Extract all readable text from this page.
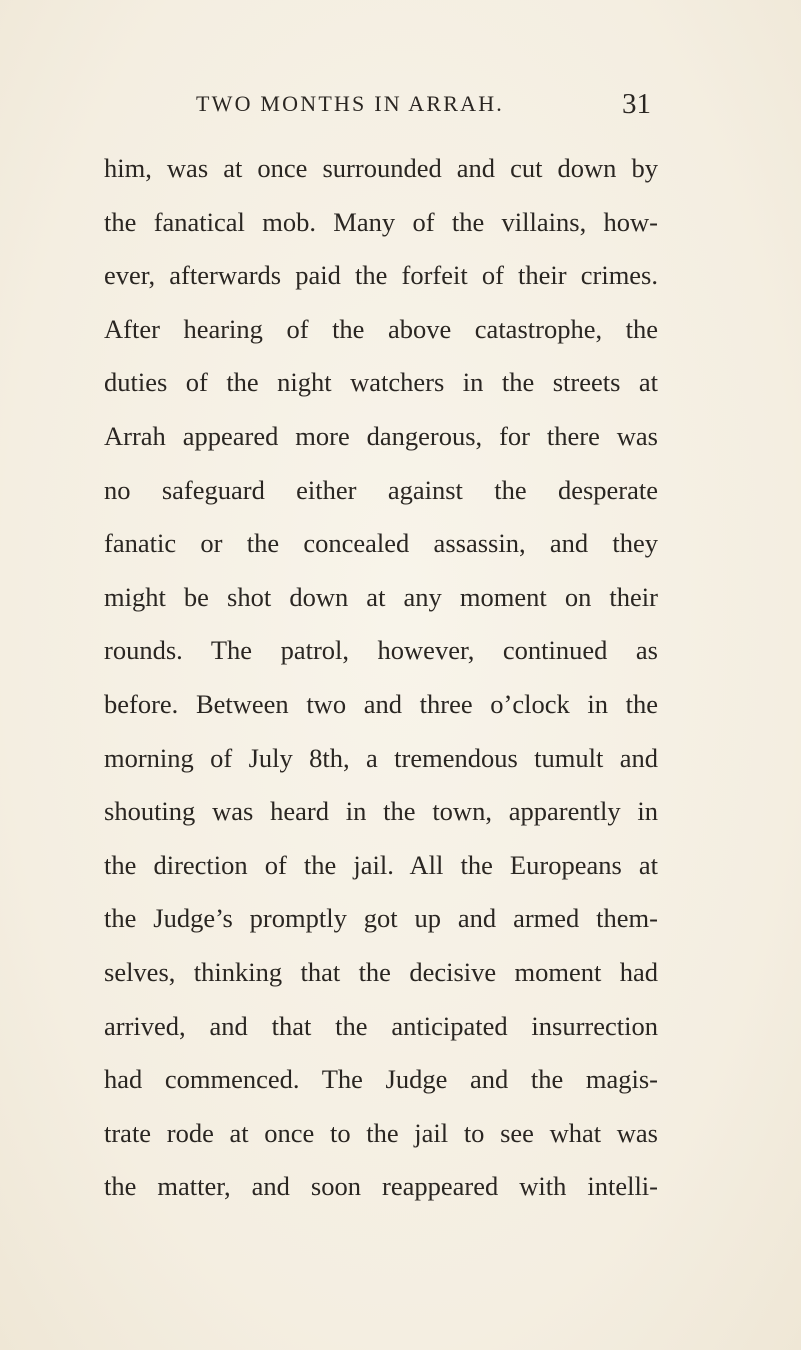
TWO MONTHS IN ARRAH.	31
him, was at once surrounded and cut down by
the fanatical mob. Many of the villains, how-
ever, afterwards paid the forfeit of their crimes.
After hearing of the above catastrophe, the
duties of the night watchers in the streets at
Arrah appeared more dangerous, for there was
no safeguard either against the desperate
fanatic or the concealed assassin, and they
might be shot down at any moment on their
rounds. The patrol, however, continued as
before. Between two and three o’clock in the
morning of July 8th, a tremendous tumult and
shouting was heard in the town, apparently in
the direction of the jail. All the Europeans at
the Judge’s promptly got up and armed them-
selves, thinking that the decisive moment had
arrived, and that the anticipated insurrection
had commenced. The Judge and the magis-
trate rode at once to the jail to see what was
the matter, and soon reappeared with intelli-
